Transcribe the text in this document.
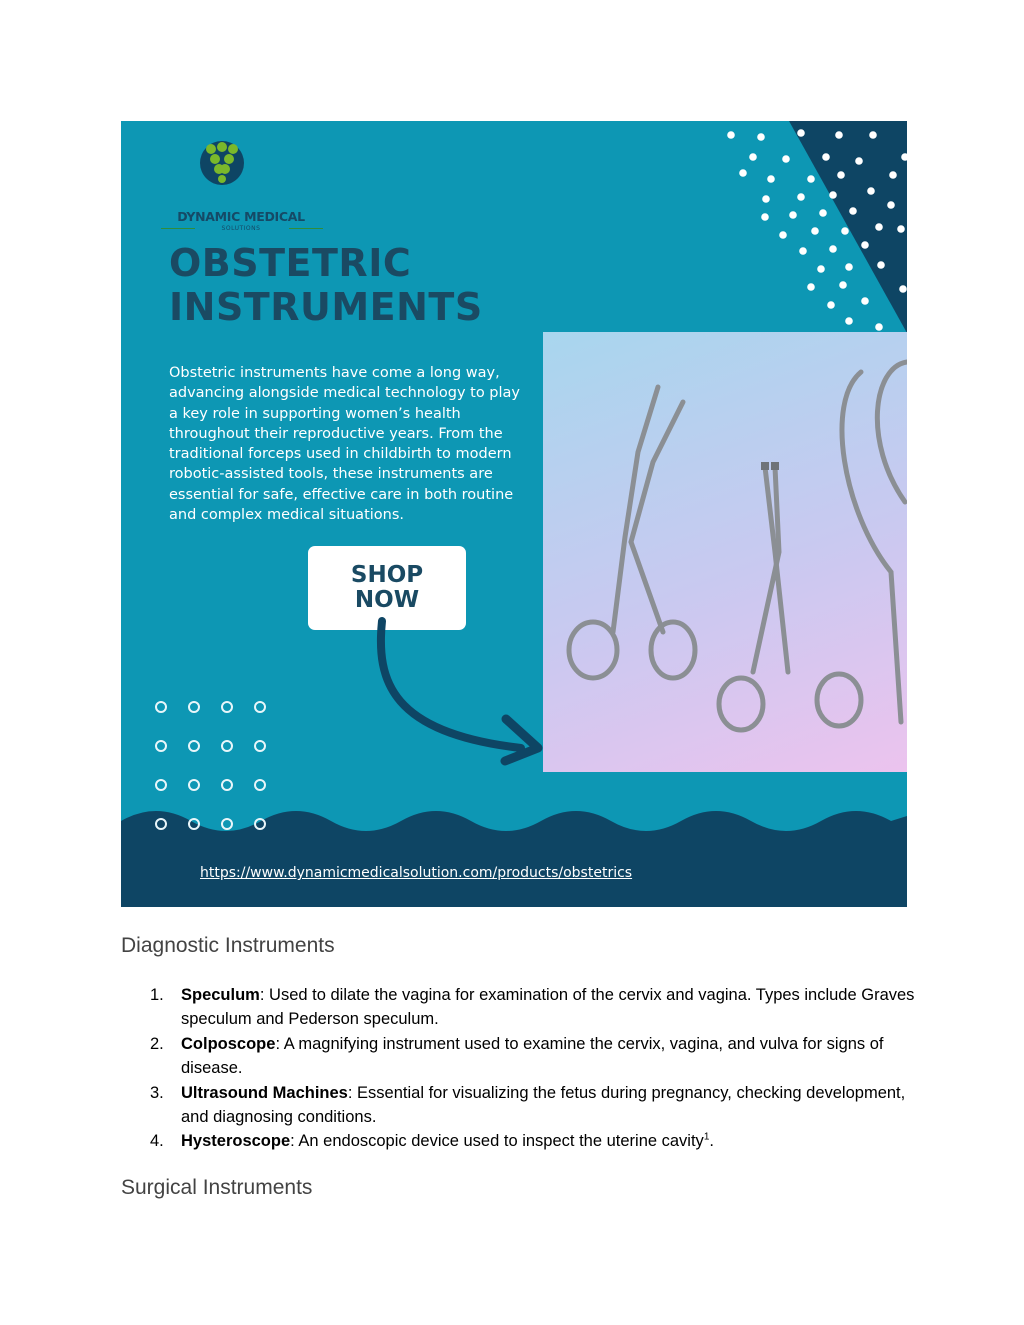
DYNAMIC MEDICAL
SOLUTIONS
OBSTETRIC
INSTRUMENTS

Obstetric instruments have come a long way, advancing alongside medical technology to play a key role in supporting women’s health throughout their reproductive years. From the traditional forceps used in childbirth to modern robotic-assisted tools, these instruments are essential for safe, effective care in both routine and complex medical situations.

SHOP
NOW
https://www.dynamicmedicalsolution.com/products/obstetrics
Diagnostic Instruments
1. Speculum: Used to dilate the vagina for examination of the cervix and vagina. Types include Graves speculum and Pederson speculum.
2. Colposcope: A magnifying instrument used to examine the cervix, vagina, and vulva for signs of disease.
3. Ultrasound Machines: Essential for visualizing the fetus during pregnancy, checking development, and diagnosing conditions.
4. Hysteroscope: An endoscopic device used to inspect the uterine cavity$^1$.
Surgical Instruments
